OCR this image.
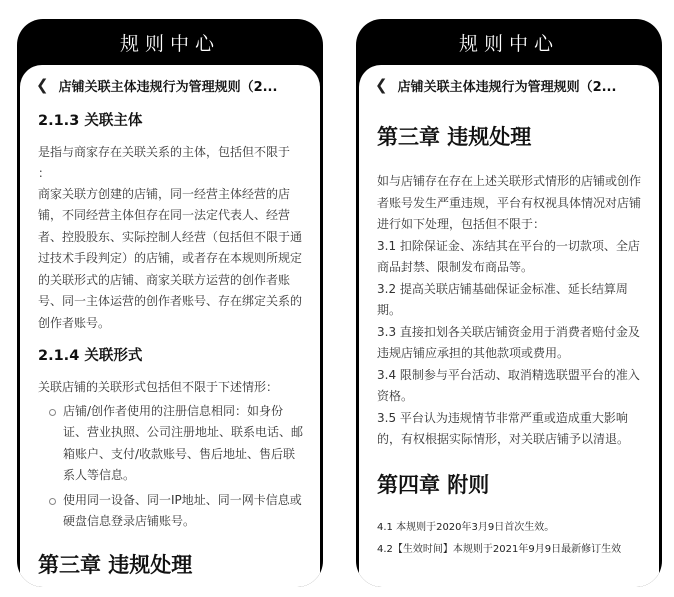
规则中心
❮ 店铺关联主体违规行为管理规则（2...
2.1.3 关联主体
是指与商家存在关联关系的主体，包括但不限于
：
商家关联方创建的店铺，同一经营主体经营的店铺，不同经营主体但存在同一法定代表人、经营者、控股股东、实际控制人经营（包括但不限于通过技术手段判定）的店铺，或者存在本规则所规定的关联形式的店铺、商家关联方运营的创作者账号、同一主体运营的创作者账号、存在绑定关系的创作者账号。
2.1.4 关联形式
关联店铺的关联形式包括但不限于下述情形：
店铺/创作者使用的注册信息相同：如身份证、营业执照、公司注册地址、联系电话、邮箱账户、支付/收款账号、售后地址、售后联系人等信息。
使用同一设备、同一IP地址、同一网卡信息或硬盘信息登录店铺账号。
第三章 违规处理
规则中心
❮ 店铺关联主体违规行为管理规则（2...
第三章 违规处理
如与店铺存在存在上述关联形式情形的店铺或创作者账号发生严重违规，平台有权视具体情况对店铺进行如下处理，包括但不限于：
3.1 扣除保证金、冻结其在平台的一切款项、全店商品封禁、限制发布商品等。
3.2 提高关联店铺基础保证金标准、延长结算周期。
3.3 直接扣划各关联店铺资金用于消费者赔付金及违规店铺应承担的其他款项或费用。
3.4 限制参与平台活动、取消精选联盟平台的准入资格。
3.5 平台认为违规情节非常严重或造成重大影响的，有权根据实际情形，对关联店铺予以清退。
第四章 附则
4.1 本规则于2020年3月9日首次生效。
4.2【生效时间】本规则于2021年9月9日最新修订生效
